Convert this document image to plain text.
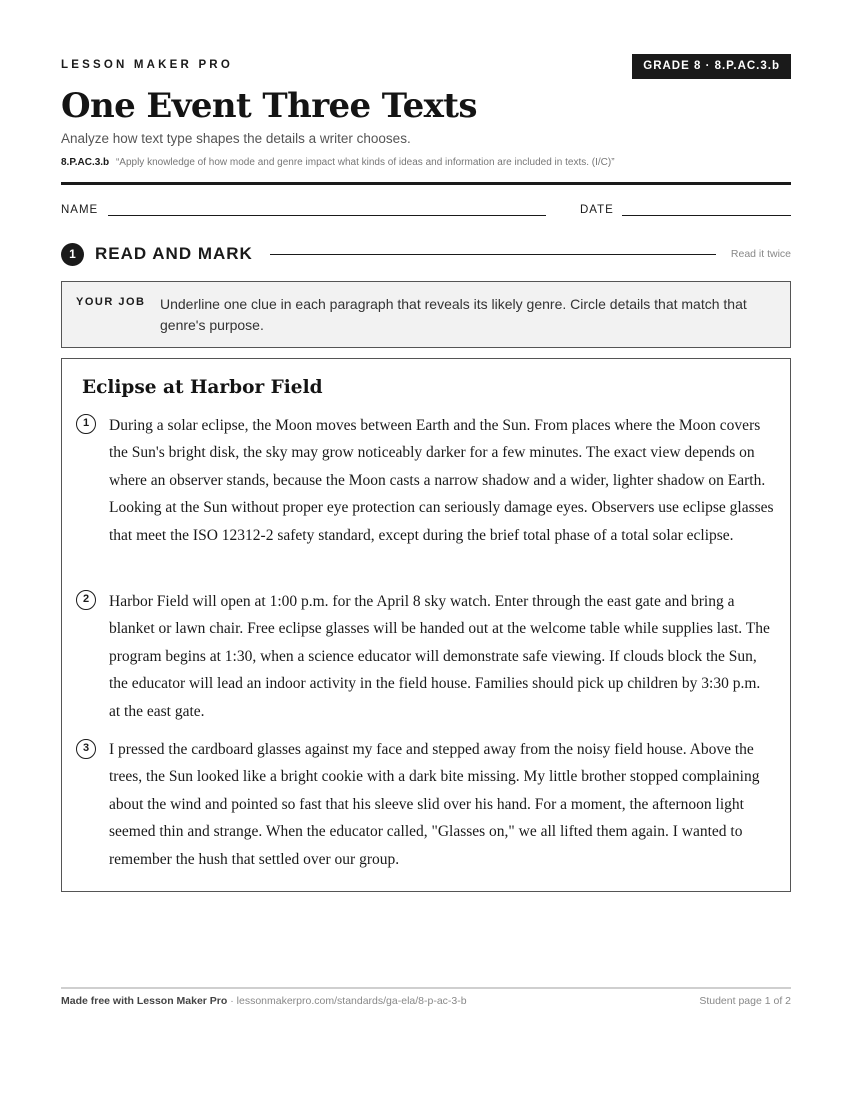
LESSON MAKER PRO	GRADE 8 · 8.P.AC.3.b
One Event Three Texts
Analyze how text type shapes the details a writer chooses.
8.P.AC.3.b “Apply knowledge of how mode and genre impact what kinds of ideas and information are included in texts. (I/C)”
NAME	DATE
1	READ AND MARK	Read it twice
YOUR JOB Underline one clue in each paragraph that reveals its likely genre. Circle details that match that genre's purpose.
Eclipse at Harbor Field
1	During a solar eclipse, the Moon moves between Earth and the Sun. From places where the Moon covers the Sun's bright disk, the sky may grow noticeably darker for a few minutes. The exact view depends on where an observer stands, because the Moon casts a narrow shadow and a wider, lighter shadow on Earth. Looking at the Sun without proper eye protection can seriously damage eyes. Observers use eclipse glasses that meet the ISO 12312-2 safety standard, except during the brief total phase of a total solar eclipse.

2	Harbor Field will open at 1:00 p.m. for the April 8 sky watch. Enter through the east gate and bring a blanket or lawn chair. Free eclipse glasses will be handed out at the welcome table while supplies last. The program begins at 1:30, when a science educator will demonstrate safe viewing. If clouds block the Sun, the educator will lead an indoor activity in the field house. Families should pick up children by 3:30 p.m. at the east gate.

3	I pressed the cardboard glasses against my face and stepped away from the noisy field house. Above the trees, the Sun looked like a bright cookie with a dark bite missing. My little brother stopped complaining about the wind and pointed so fast that his sleeve slid over his hand. For a moment, the afternoon light seemed thin and strange. When the educator called, "Glasses on," we all lifted them again. I wanted to remember the hush that settled over our group.

Made free with Lesson Maker Pro · lessonmakerpro.com/standards/ga-ela/8-p-ac-3-b	Student page 1 of 2
